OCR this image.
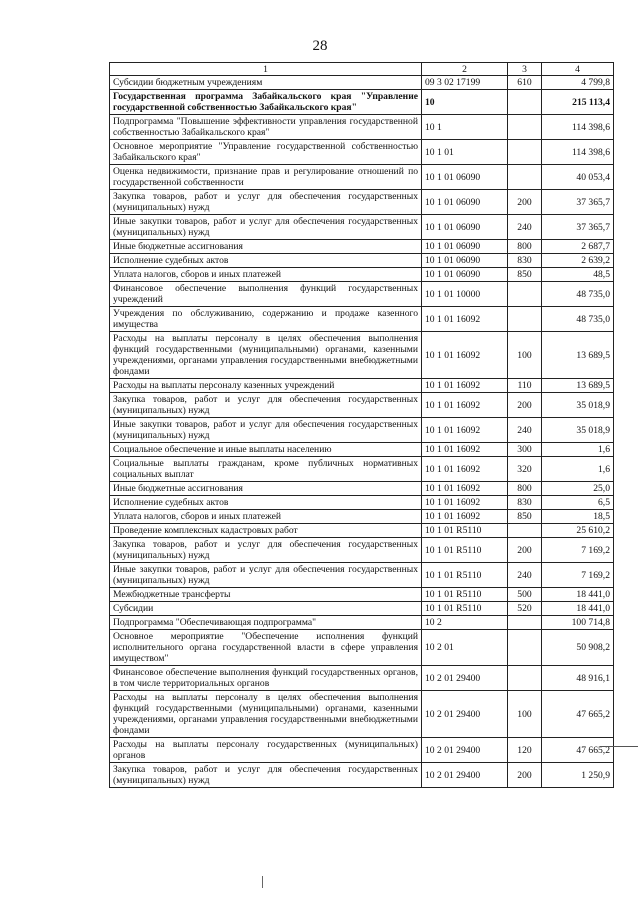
28
1	2	3	4
Субсидии бюджетным учреждениям	09 3 02 17199	610	4 799,8
Государственная программа Забайкальского края "Управление государственной собственностью Забайкальского края"	10		215 113,4
Подпрограмма "Повышение эффективности управления государственной собственностью Забайкальского края"	10 1		114 398,6
Основное мероприятие "Управление государственной собственностью Забайкальского края"	10 1 01		114 398,6
Оценка недвижимости, признание прав и регулирование отношений по государственной собственности	10 1 01 06090		40 053,4
Закупка товаров, работ и услуг для обеспечения государственных (муниципальных) нужд	10 1 01 06090	200	37 365,7
Иные закупки товаров, работ и услуг для обеспечения государственных (муниципальных) нужд	10 1 01 06090	240	37 365,7
Иные бюджетные ассигнования	10 1 01 06090	800	2 687,7
Исполнение судебных актов	10 1 01 06090	830	2 639,2
Уплата налогов, сборов и иных платежей	10 1 01 06090	850	48,5
Финансовое обеспечение выполнения функций государственных учреждений	10 1 01 10000		48 735,0
Учреждения по обслуживанию, содержанию и продаже казенного имущества	10 1 01 16092		48 735,0
Расходы на выплаты персоналу в целях обеспечения выполнения функций государственными (муниципальными) органами, казенными учреждениями, органами управления государственными внебюджетными фондами	10 1 01 16092	100	13 689,5
Расходы на выплаты персоналу казенных учреждений	10 1 01 16092	110	13 689,5
Закупка товаров, работ и услуг для обеспечения государственных (муниципальных) нужд	10 1 01 16092	200	35 018,9
Иные закупки товаров, работ и услуг для обеспечения государственных (муниципальных) нужд	10 1 01 16092	240	35 018,9
Социальное обеспечение и иные выплаты населению	10 1 01 16092	300	1,6
Социальные выплаты гражданам, кроме публичных нормативных социальных выплат	10 1 01 16092	320	1,6
Иные бюджетные ассигнования	10 1 01 16092	800	25,0
Исполнение судебных актов	10 1 01 16092	830	6,5
Уплата налогов, сборов и иных платежей	10 1 01 16092	850	18,5
Проведение комплексных кадастровых работ	10 1 01 R5110		25 610,2
Закупка товаров, работ и услуг для обеспечения государственных (муниципальных) нужд	10 1 01 R5110	200	7 169,2
Иные закупки товаров, работ и услуг для обеспечения государственных (муниципальных) нужд	10 1 01 R5110	240	7 169,2
Межбюджетные трансферты	10 1 01 R5110	500	18 441,0
Субсидии	10 1 01 R5110	520	18 441,0
Подпрограмма "Обеспечивающая подпрограмма"	10 2		100 714,8
Основное мероприятие "Обеспечение исполнения функций исполнительного органа государственной власти в сфере управления имуществом"	10 2 01		50 908,2
Финансовое обеспечение выполнения функций государственных органов, в том числе территориальных органов	10 2 01 29400		48 916,1
Расходы на выплаты персоналу в целях обеспечения выполнения функций государственными (муниципальными) органами, казенными учреждениями, органами управления государственными внебюджетными фондами	10 2 01 29400	100	47 665,2
Расходы на выплаты персоналу государственных (муниципальных) органов	10 2 01 29400	120	47 665,2
Закупка товаров, работ и услуг для обеспечения государственных (муниципальных) нужд	10 2 01 29400	200	1 250,9
